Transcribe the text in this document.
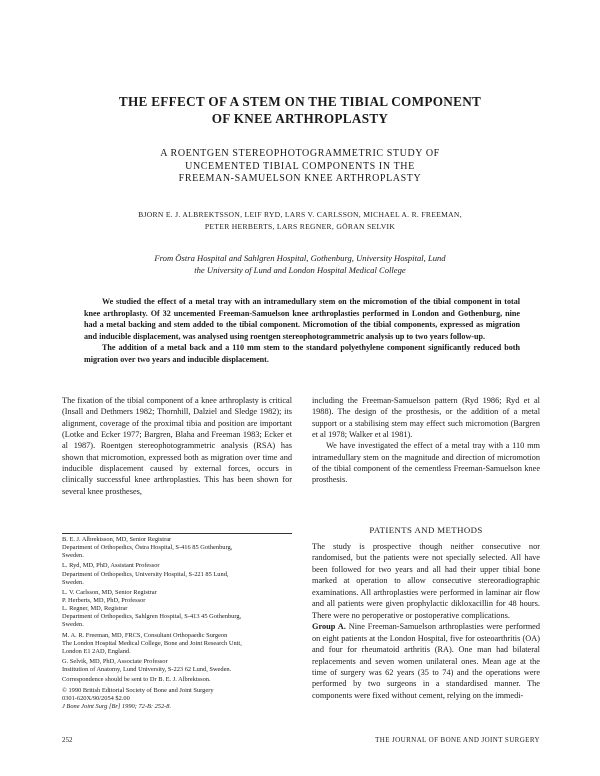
THE EFFECT OF A STEM ON THE TIBIAL COMPONENT
OF KNEE ARTHROPLASTY
A ROENTGEN STEREOPHOTOGRAMMETRIC STUDY OF
UNCEMENTED TIBIAL COMPONENTS IN THE
FREEMAN-SAMUELSON KNEE ARTHROPLASTY
BJORN E. J. ALBREKTSSON, LEIF RYD, LARS V. CARLSSON, MICHAEL A. R. FREEMAN,
PETER HERBERTS, LARS REGNER, GÖRAN SELVIK
From Östra Hospital and Sahlgren Hospital, Gothenburg, University Hospital, Lund
the University of Lund and London Hospital Medical College

We studied the effect of a metal tray with an intramedullary stem on the micromotion of the tibial component in total knee arthroplasty. Of 32 uncemented Freeman-Samuelson knee arthroplasties performed in London and Gothenburg, nine had a metal backing and stem added to the tibial component. Micromotion of the tibial components, expressed as migration and inducible displacement, was analysed using roentgen stereophotogrammetric analysis up to two years follow-up.

The addition of a metal back and a 110 mm stem to the standard polyethylene component significantly reduced both migration over two years and inducible displacement.

The fixation of the tibial component of a knee arthroplasty is critical (Insall and Dethmers 1982; Thornhill, Dalziel and Sledge 1982); its alignment, coverage of the proximal tibia and position are important (Lotke and Ecker 1977; Bargren, Blaha and Freeman 1983; Ecker et al 1987). Roentgen stereophotogrammetric analysis (RSA) has shown that micromotion, expressed both as migration over time and inducible displacement caused by external forces, occurs in clinically successful knee arthroplasties. This has been shown for several knee prostheses,

including the Freeman-Samuelson pattern (Ryd 1986; Ryd et al 1988). The design of the prosthesis, or the addition of a metal support or a stabilising stem may effect such micromotion (Bargren et al 1978; Walker et al 1981).

We have investigated the effect of a metal tray with a 110 mm intramedullary stem on the magnitude and direction of micromotion of the tibial component of the cementless Freeman-Samuelson knee prosthesis.

PATIENTS AND METHODS

The study is prospective though neither consecutive nor randomised, but the patients were not specially selected. All have been followed for two years and all had their upper tibial bone marked at operation to allow consecutive stereoradiographic examinations. All arthroplasties were performed in laminar air flow and all patients were given prophylactic dikloxacillin for 48 hours. There were no peroperative or postoperative complications.

Group A. Nine Freeman-Samuelson arthroplasties were performed on eight patients at the London Hospital, five for osteoarthritis (OA) and four for rheumatoid arthritis (RA). One man had bilateral replacements and seven women unilateral ones. Mean age at the time of surgery was 62 years (35 to 74) and the operations were performed by two surgeons in a standardised manner. The components were fixed without cement, relying on the immedi-

B. E. J. Albrektsson, MD, Senior Registrar
Department of Orthopedics, Östra Hospital, S-416 85 Gothenburg,
Sweden.
L. Ryd, MD, PhD, Assistant Professor
Department of Orthopedics, University Hospital, S-221 85 Lund,
Sweden.
L. V. Carlsson, MD, Senior Registrar
P. Herberts, MD, PhD, Professor
L. Regner, MD, Registrar
Department of Orthopedics, Sahlgren Hospital, S-413 45 Gothenburg,
Sweden.
M. A. R. Freeman, MD, FRCS, Consultant Orthopaedic Surgeon
The London Hospital Medical College, Bone and Joint Research Unit,
London E1 2AD, England.
G. Selvik, MD, PhD, Associate Professor
Institution of Anatomy, Lund University, S-223 62 Lund, Sweden.
Correspondence should be sent to Dr B. E. J. Albrektsson.
© 1990 British Editorial Society of Bone and Joint Surgery
0301-620X/90/2054 $2.00
J Bone Joint Surg [Br] 1990; 72-B: 252-8.
252	THE JOURNAL OF BONE AND JOINT SURGERY
